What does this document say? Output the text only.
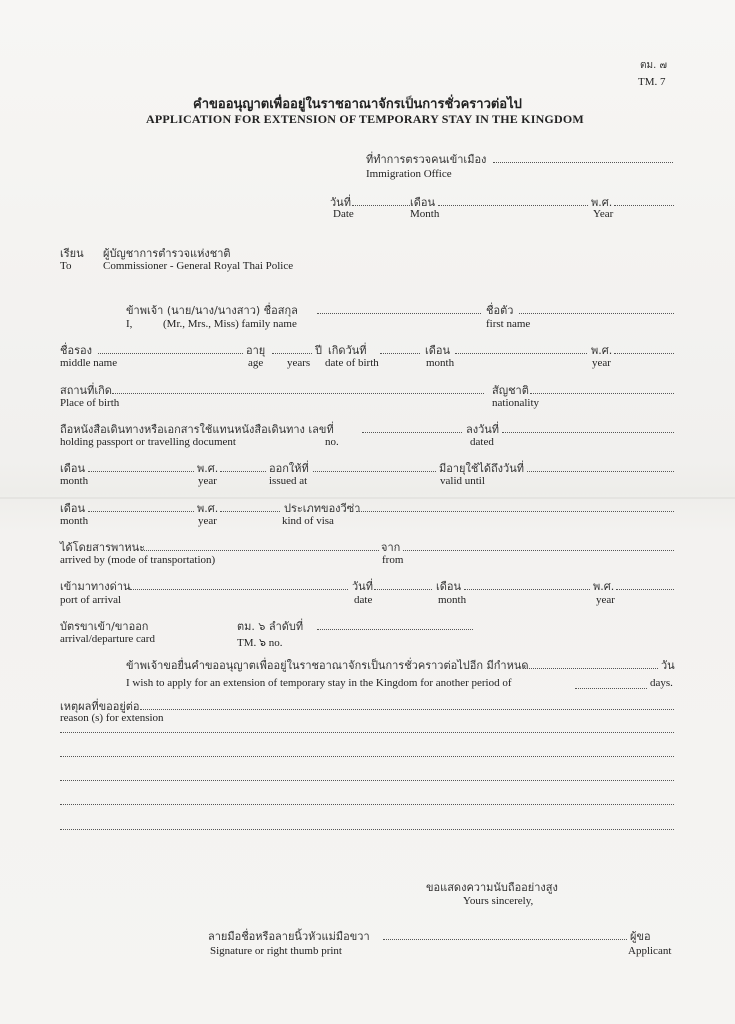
ตม. ๗
TM. 7
คำขออนุญาตเพื่ออยู่ในราชอาณาจักรเป็นการชั่วคราวต่อไป
APPLICATION FOR EXTENSION OF TEMPORARY STAY IN THE KINGDOM
ที่ทำการตรวจคนเข้าเมือง
Immigration Office
วันที่	เดือน	พ.ศ.
Date	Month	Year
เรียน ผู้บัญชาการตำรวจแห่งชาติ
To	Commissioner - General Royal Thai Police
ข้าพเจ้า (นาย/นาง/นางสาว) ชื่อสกุล	ชื่อตัว
I,	(Mr., Mrs., Miss) family name	first name
ชื่อรอง	อายุ	ปี เกิดวันที่	เดือน	พ.ศ.
middle name	age years date of birth	month	year
สถานที่เกิด	สัญชาติ
Place of birth	nationality
ถือหนังสือเดินทางหรือเอกสารใช้แทนหนังสือเดินทาง เลขที่	ลงวันที่
holding passport or travelling document	no.	dated
เดือน	พ.ศ.	ออกให้ที่	มีอายุใช้ได้ถึงวันที่
month	year	issued at	valid until
เดือน	พ.ศ.	ประเภทของวีซ่า
month	year	kind of visa
ได้โดยสารพาหนะ	จาก
arrived by (mode of transportation)	from
เข้ามาทางด่าน	วันที่	เดือน	พ.ศ.
port of arrival	date	month	year
บัตรขาเข้า/ขาออก	ตม. ๖ ลำดับที่
arrival/departure card	TM. ๖ no.
ข้าพเจ้าขอยื่นคำขออนุญาตเพื่ออยู่ในราชอาณาจักรเป็นการชั่วคราวต่อไปอีก มีกำหนด	วัน
I wish to apply for an extension of temporary stay in the Kingdom for another period of	days.
เหตุผลที่ขออยู่ต่อ
reason (s) for extension
ขอแสดงความนับถืออย่างสูง
Yours sincerely,
ลายมือชื่อหรือลายนิ้วหัวแม่มือขวา	ผู้ขอ
Signature or right thumb print	Applicant
